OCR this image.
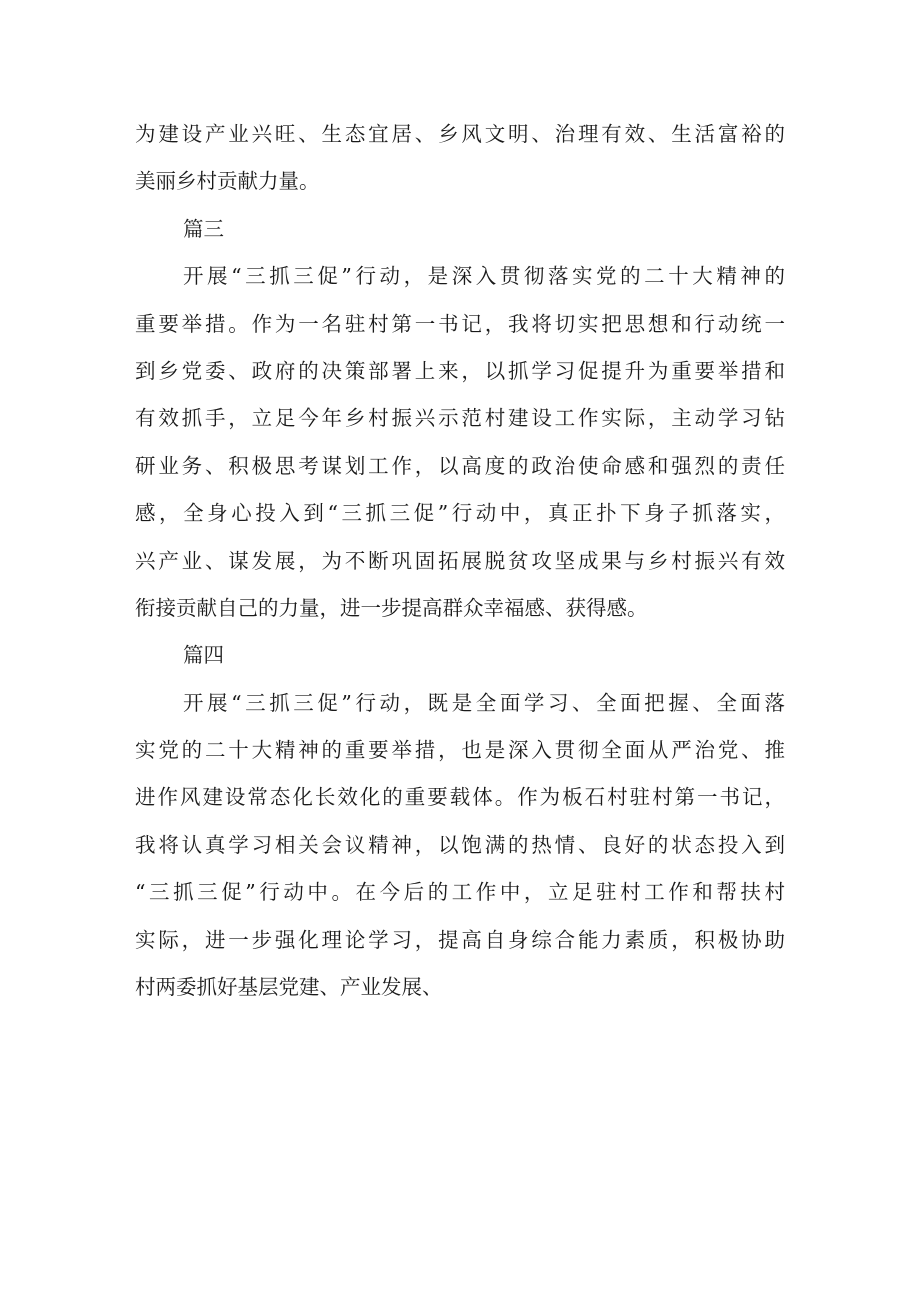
为建设产业兴旺、生态宜居、乡风文明、治理有效、生活富裕的
美丽乡村贡献力量。
篇三
开展“三抓三促”行动，是深入贯彻落实党的二十大精神的
重要举措。作为一名驻村第一书记，我将切实把思想和行动统一
到乡党委、政府的决策部署上来，以抓学习促提升为重要举措和
有效抓手，立足今年乡村振兴示范村建设工作实际，主动学习钻
研业务、积极思考谋划工作，以高度的政治使命感和强烈的责任
感，全身心投入到“三抓三促”行动中，真正扑下身子抓落实，
兴产业、谋发展，为不断巩固拓展脱贫攻坚成果与乡村振兴有效
衔接贡献自己的力量，进一步提高群众幸福感、获得感。
篇四
开展“三抓三促”行动，既是全面学习、全面把握、全面落
实党的二十大精神的重要举措，也是深入贯彻全面从严治党、推
进作风建设常态化长效化的重要载体。作为板石村驻村第一书记，
我将认真学习相关会议精神，以饱满的热情、良好的状态投入到
“三抓三促”行动中。在今后的工作中，立足驻村工作和帮扶村
实际，进一步强化理论学习，提高自身综合能力素质，积极协助
村两委抓好基层党建、产业发展、
